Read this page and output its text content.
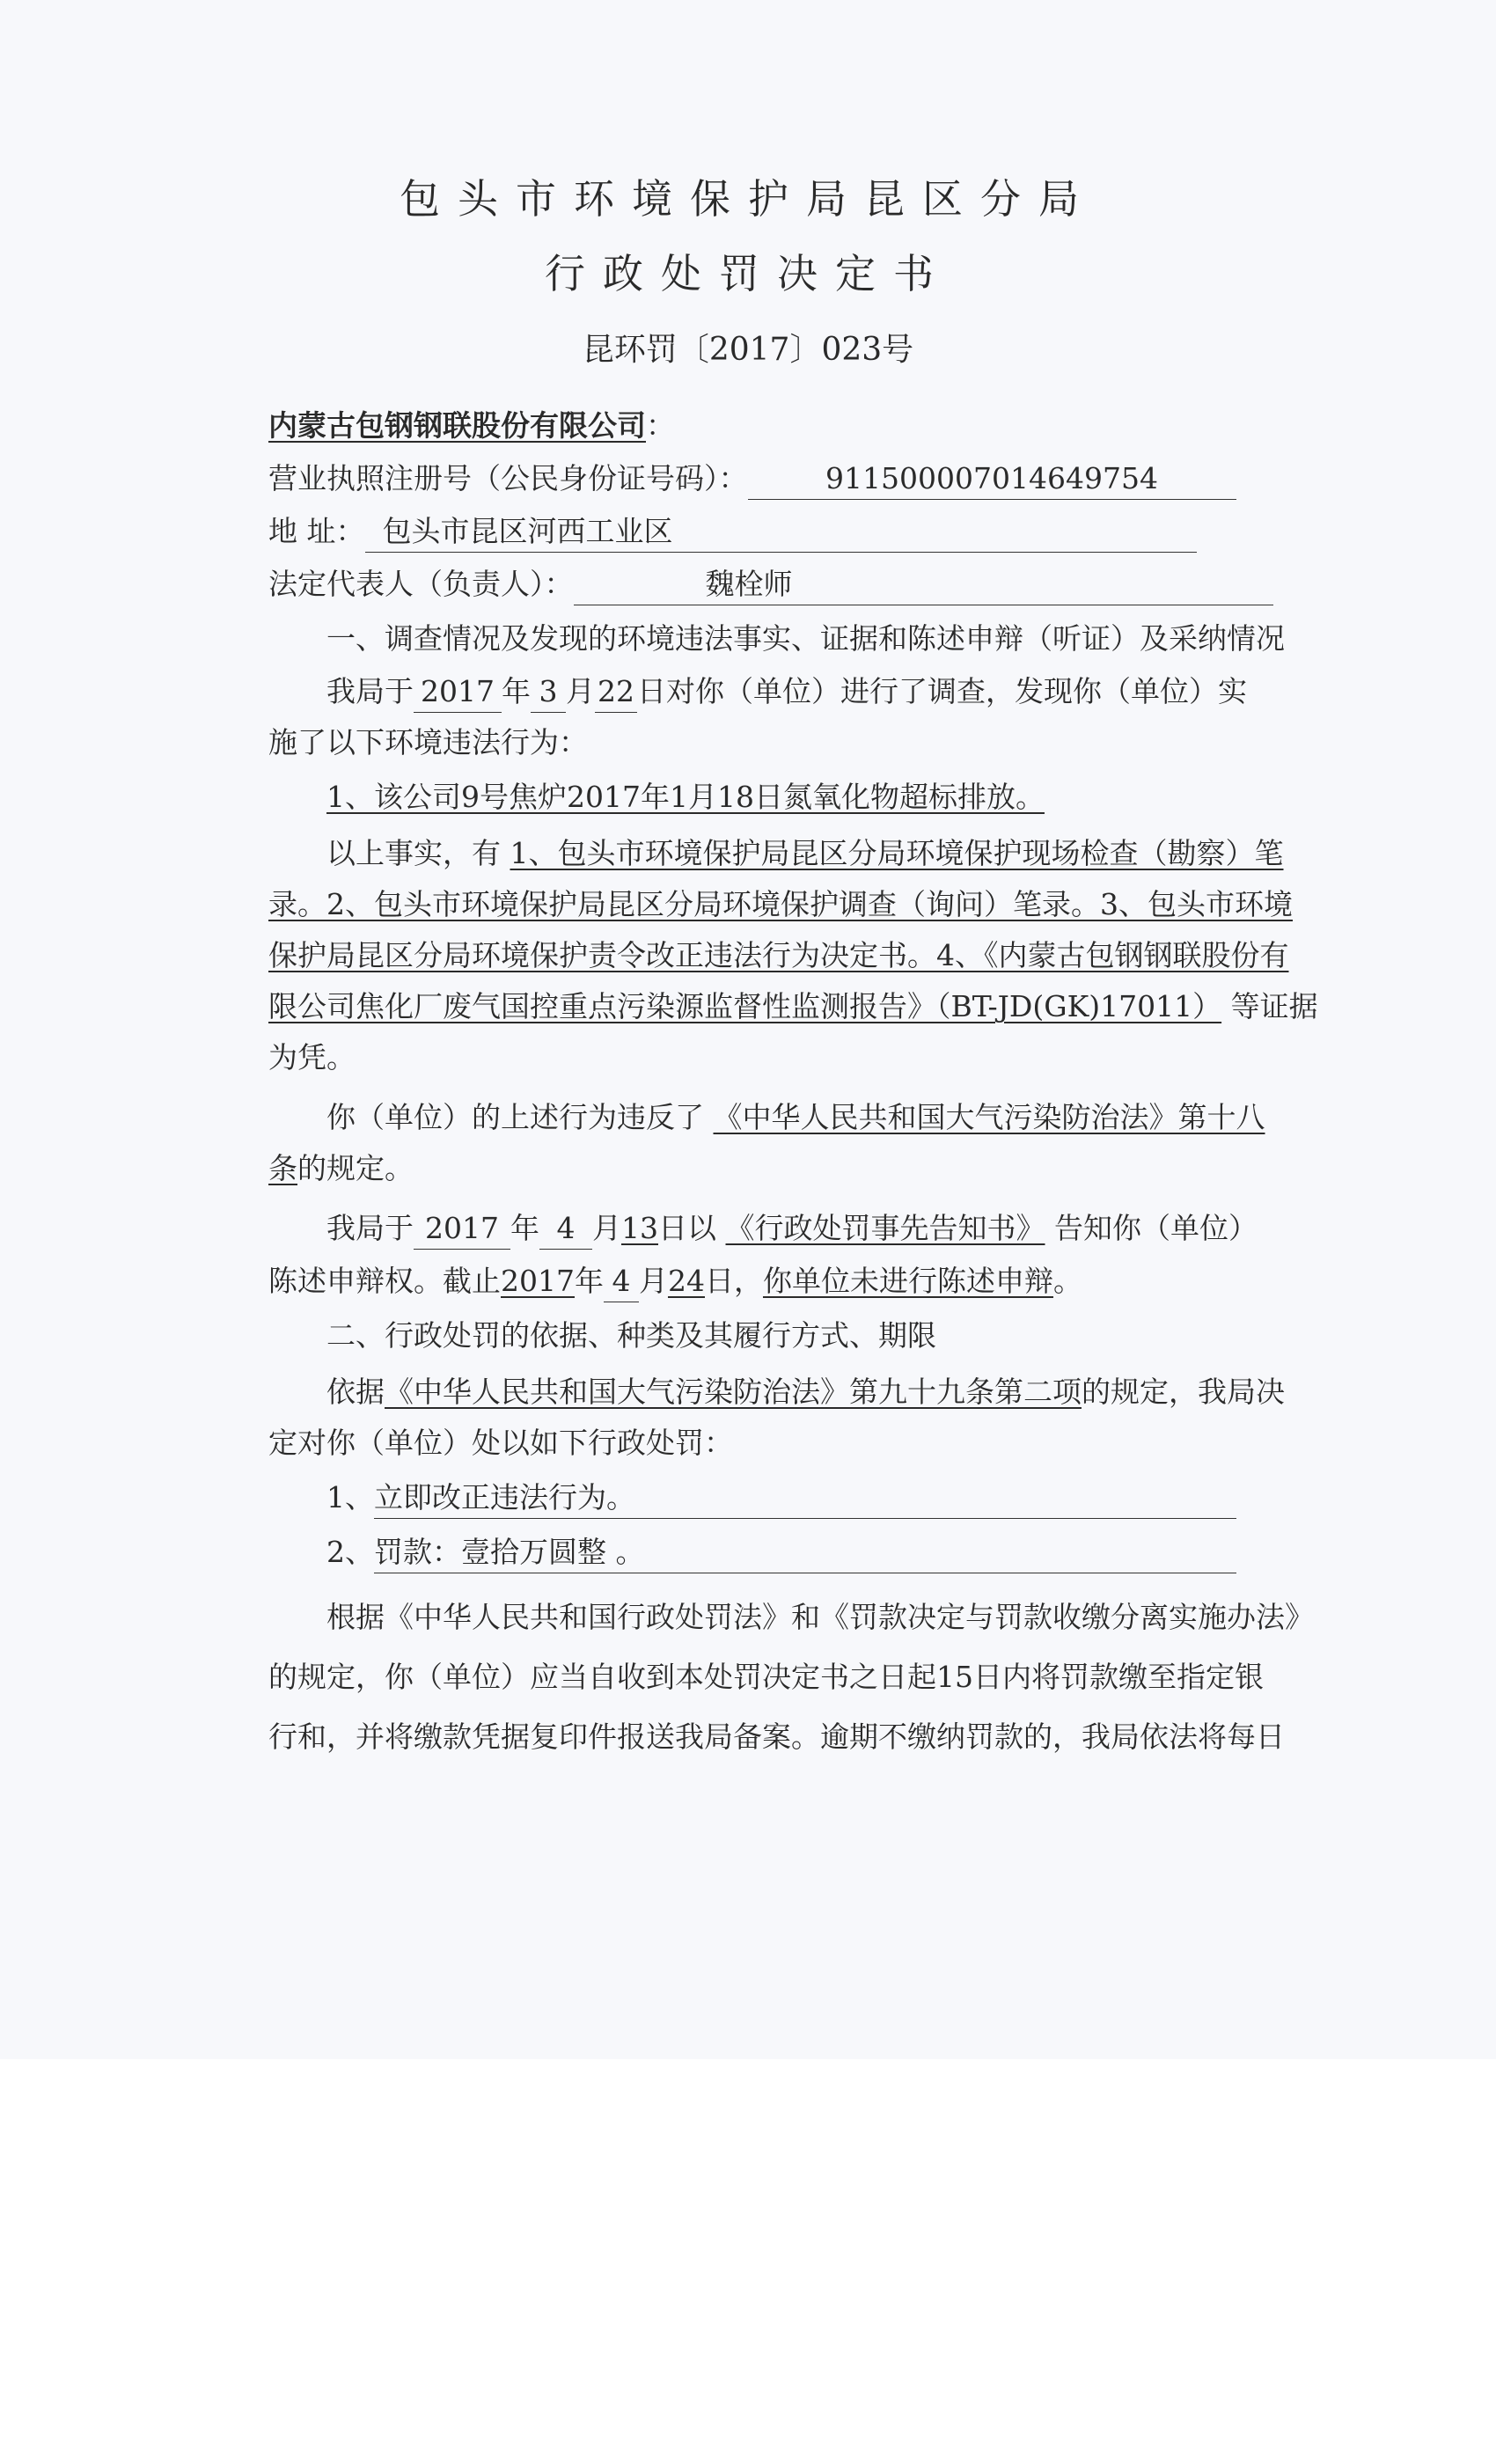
包头市环境保护局昆区分局
行政处罚决定书
昆环罚〔2017〕023号
内蒙古包钢钢联股份有限公司：
营业执照注册号（公民身份证号码）：	911500007014649754
地 址： 包头市昆区河西工业区
法定代表人（负责人）：	魏栓师
一、调查情况及发现的环境违法事实、证据和陈述申辩（听证）及采纳情况
我局于 2017 年 3 月22日对你（单位）进行了调查，发现你（单位）实
施了以下环境违法行为：
1、该公司9号焦炉2017年1月18日氮氧化物超标排放。
以上事实，有 1、包头市环境保护局昆区分局环境保护现场检查（勘察）笔
录。2、包头市环境保护局昆区分局环境保护调查（询问）笔录。3、包头市环境
保护局昆区分局环境保护责令改正违法行为决定书。4、《内蒙古包钢钢联股份有
限公司焦化厂废气国控重点污染源监督性监测报告》（BT-JD(GK)17011） 等证据
为凭。
你（单位）的上述行为违反了 《中华人民共和国大气污染防治法》第十八
条的规定。
我局于 2017 年 4 月13日以 《行政处罚事先告知书》 告知你（单位）
陈述申辩权。截止2017年 4 月24日，你单位未进行陈述申辩。
二、行政处罚的依据、种类及其履行方式、期限
依据《中华人民共和国大气污染防治法》第九十九条第二项的规定，我局决
定对你（单位）处以如下行政处罚：
1、立即改正违法行为。
2、罚款：壹拾万圆整 。
根据《中华人民共和国行政处罚法》和《罚款决定与罚款收缴分离实施办法》
的规定，你（单位）应当自收到本处罚决定书之日起15日内将罚款缴至指定银
行和，并将缴款凭据复印件报送我局备案。逾期不缴纳罚款的，我局依法将每日
